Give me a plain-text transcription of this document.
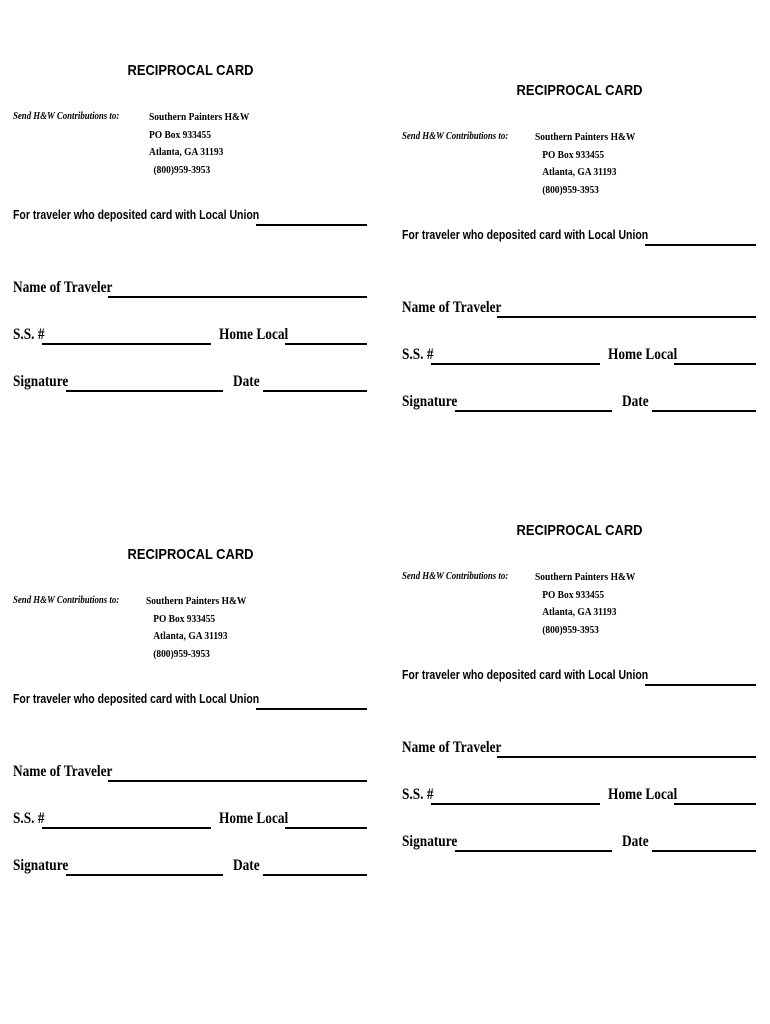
RECIPROCAL CARD
Send H&W Contributions to:	Southern Painters H&W
PO Box 933455
Atlanta, GA 31193
(800)959-3953
For traveler who deposited card with Local Union
Name of Traveler
S.S. #	Home Local
Signature	Date
RECIPROCAL CARD
Send H&W Contributions to:	Southern Painters H&W
PO Box 933455
Atlanta, GA 31193
(800)959-3953
For traveler who deposited card with Local Union
Name of Traveler
S.S. #	Home Local
Signature	Date
RECIPROCAL CARD
Send H&W Contributions to:	Southern Painters H&W
PO Box 933455
Atlanta, GA 31193
(800)959-3953
For traveler who deposited card with Local Union
Name of Traveler
S.S. #	Home Local
Signature	Date
RECIPROCAL CARD
Send H&W Contributions to:	Southern Painters H&W
PO Box 933455
Atlanta, GA 31193
(800)959-3953
For traveler who deposited card with Local Union
Name of Traveler
S.S. #	Home Local
Signature	Date
